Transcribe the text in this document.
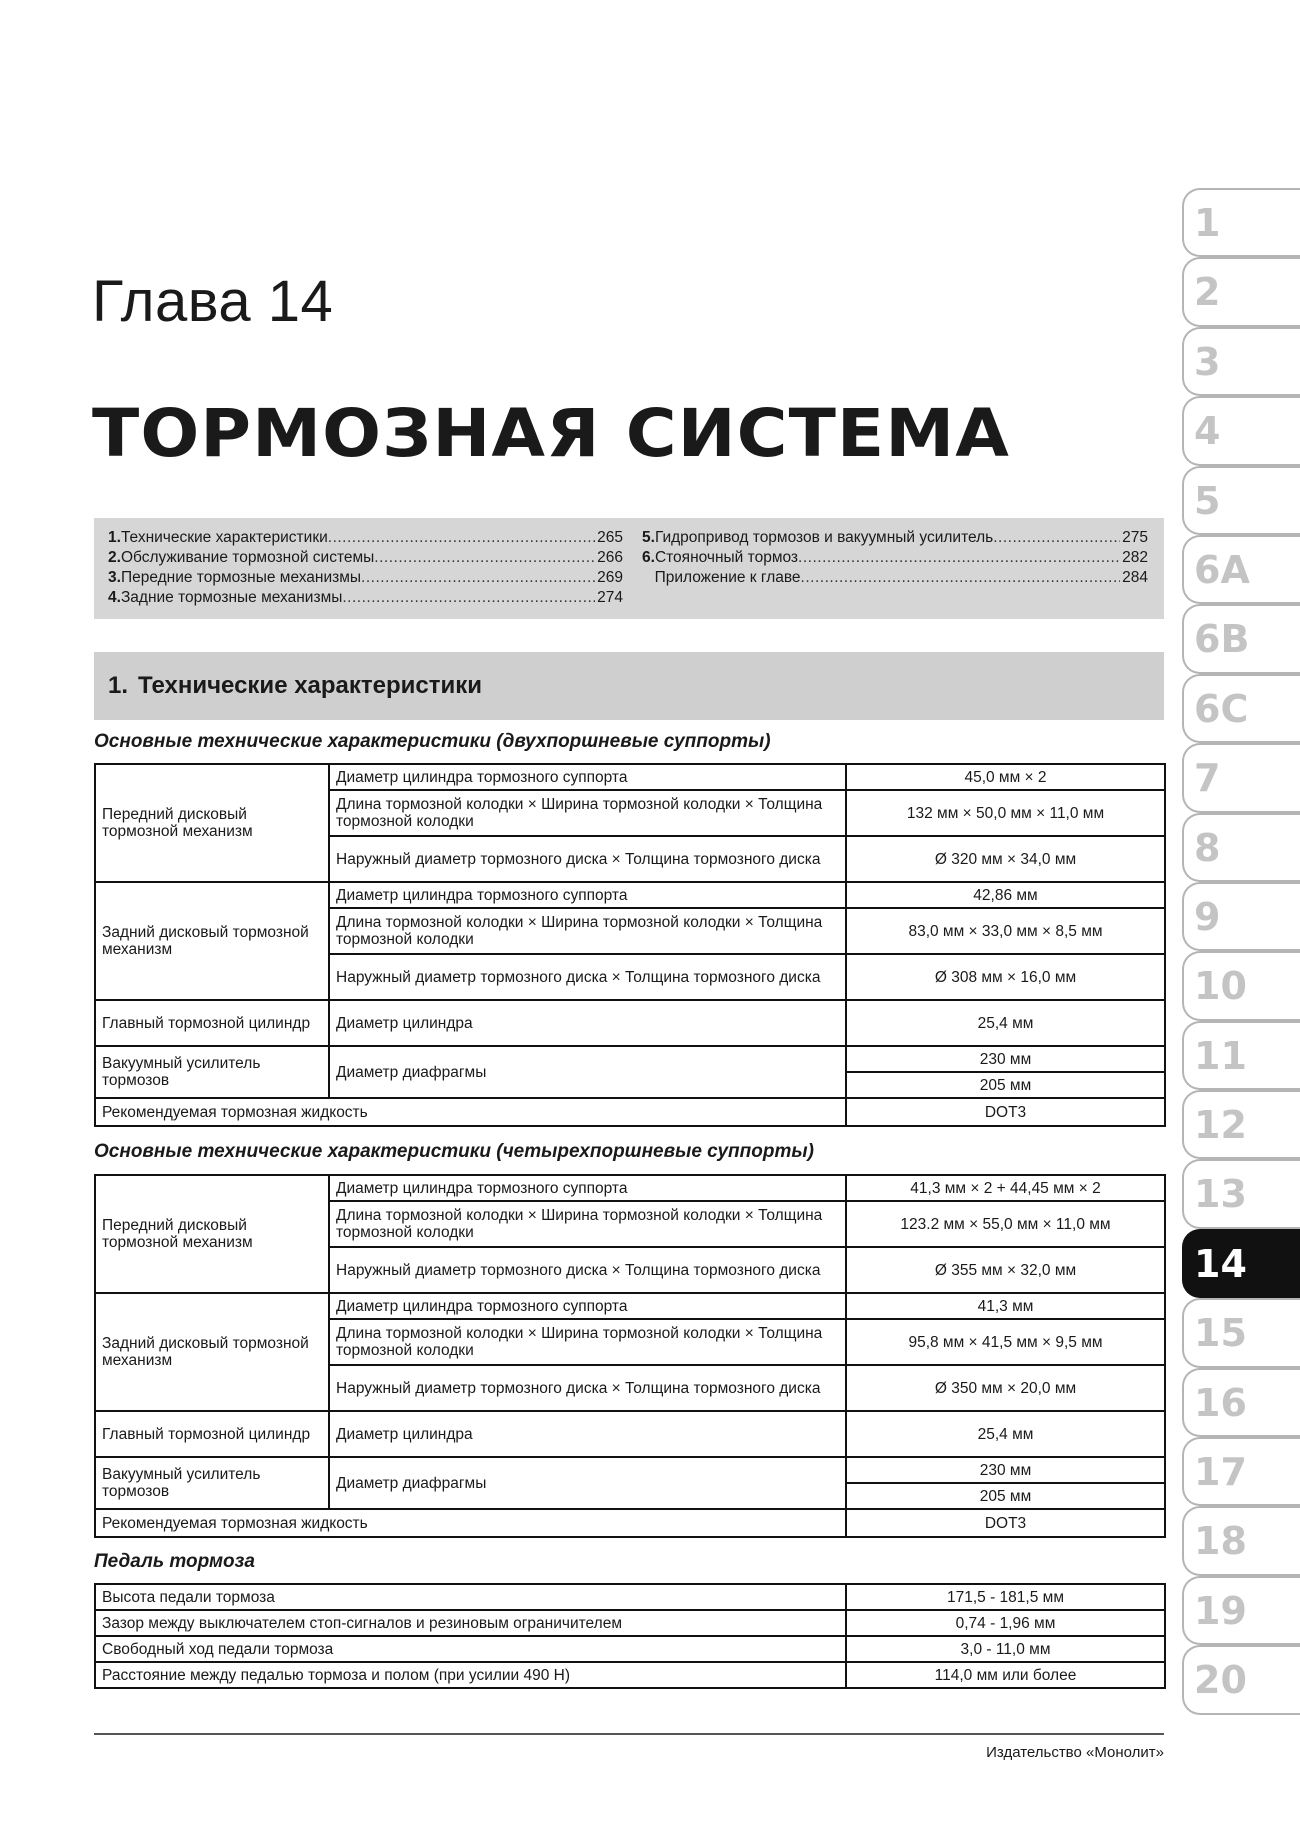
Глава 14
ТОРМОЗНАЯ СИСТЕМА
1. Технические характеристики .....	265
2. Обслуживание тормозной системы .....	266
3. Передние тормозные механизмы .....	269
4. Задние тормозные механизмы .....	274
5. Гидропривод тормозов и вакуумный усилитель .....	275
6. Стояночный тормоз .....	282
Приложение к главе .....	284
1. Технические характеристики
Основные технические характеристики (двухпоршневые суппорты)
Передний дисковый тормозной механизм	Диаметр цилиндра тормозного суппорта	45,0 мм × 2
	Длина тормозной колодки × Ширина тормозной колодки × Толщина тормозной колодки	132 мм × 50,0 мм × 11,0 мм
	Наружный диаметр тормозного диска × Толщина тормозного диска	Ø 320 мм × 34,0 мм
Задний дисковый тормозной механизм	Диаметр цилиндра тормозного суппорта	42,86 мм
	Длина тормозной колодки × Ширина тормозной колодки × Толщина тормозной колодки	83,0 мм × 33,0 мм × 8,5 мм
	Наружный диаметр тормозного диска × Толщина тормозного диска	Ø 308 мм × 16,0 мм
Главный тормозной цилиндр	Диаметр цилиндра	25,4 мм
Вакуумный усилитель тормозов	Диаметр диафрагмы	230 мм
		205 мм
Рекомендуемая тормозная жидкость		DOT3
Основные технические характеристики (четырехпоршневые суппорты)
Передний дисковый тормозной механизм	Диаметр цилиндра тормозного суппорта	41,3 мм × 2 + 44,45 мм × 2
	Длина тормозной колодки × Ширина тормозной колодки × Толщина тормозной колодки	123.2 мм × 55,0 мм × 11,0 мм
	Наружный диаметр тормозного диска × Толщина тормозного диска	Ø 355 мм × 32,0 мм
Задний дисковый тормозной механизм	Диаметр цилиндра тормозного суппорта	41,3 мм
	Длина тормозной колодки × Ширина тормозной колодки × Толщина тормозной колодки	95,8 мм × 41,5 мм × 9,5 мм
	Наружный диаметр тормозного диска × Толщина тормозного диска	Ø 350 мм × 20,0 мм
Главный тормозной цилиндр	Диаметр цилиндра	25,4 мм
Вакуумный усилитель тормозов	Диаметр диафрагмы	230 мм
		205 мм
Рекомендуемая тормозная жидкость		DOT3
Педаль тормоза
Высота педали тормоза	171,5 - 181,5 мм
Зазор между выключателем стоп-сигналов и резиновым ограничителем	0,74 - 1,96 мм
Свободный ход педали тормоза	3,0 - 11,0 мм
Расстояние между педалью тормоза и полом (при усилии 490 Н)	114,0 мм или более
Издательство «Монолит»
1
2
3
4
5
6A
6B
6C
7
8
9
10
11
12
13
14
15
16
17
18
19
20
